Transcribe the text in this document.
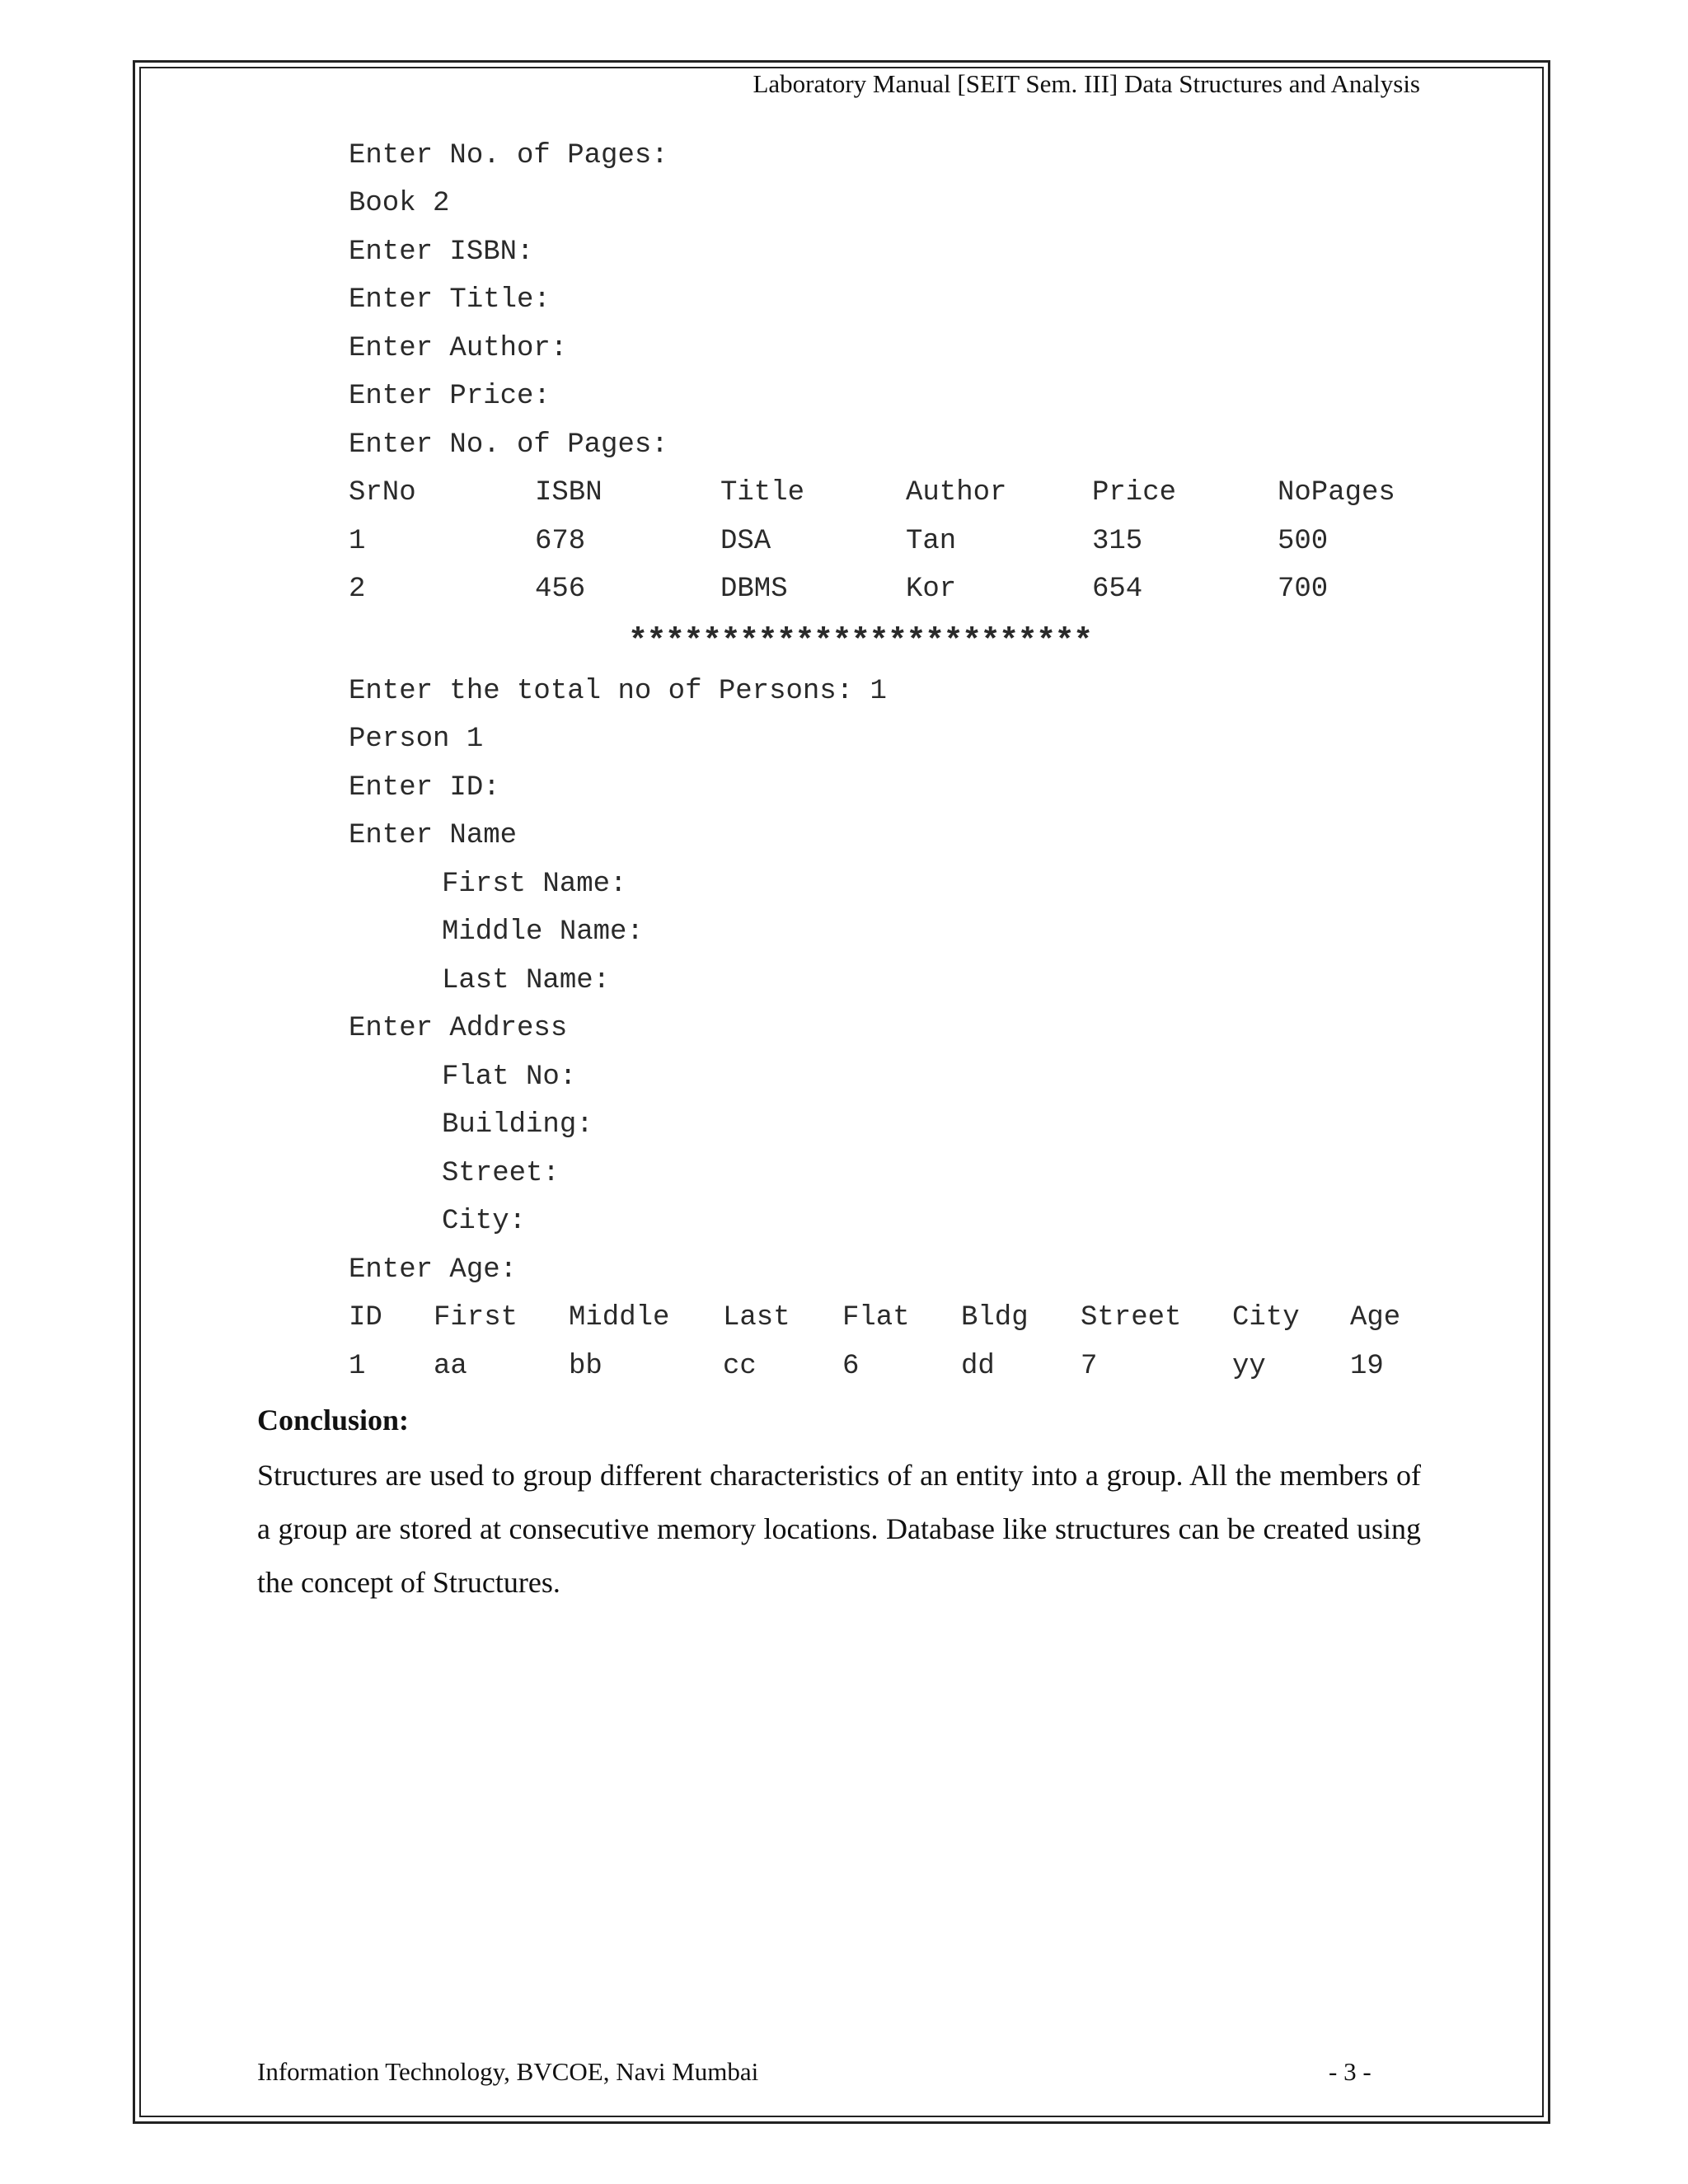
Laboratory Manual [SEIT Sem. III] Data Structures and Analysis
Enter No. of Pages:
Book 2
Enter ISBN:
Enter Title:
Enter Author:
Enter Price:
Enter No. of Pages:
SrNo	ISBN	Title	Author	Price	NoPages
1	678	DSA	Tan	315	500
2	456	DBMS	Kor	654	700
*************************
Enter the total no of Persons: 1
Person 1
Enter ID:
Enter Name
First Name:
Middle Name:
Last Name:
Enter Address
Flat No:
Building:
Street:
City:
Enter Age:
ID First Middle Last Flat Bldg Street City Age
1 aa	bb	cc	6	dd	7	yy	19
Conclusion:
Structures are used to group different characteristics of an entity into a group. All the members of a group are stored at consecutive memory locations. Database like structures can be created using the concept of Structures.
Information Technology, BVCOE, Navi Mumbai	- 3 -
